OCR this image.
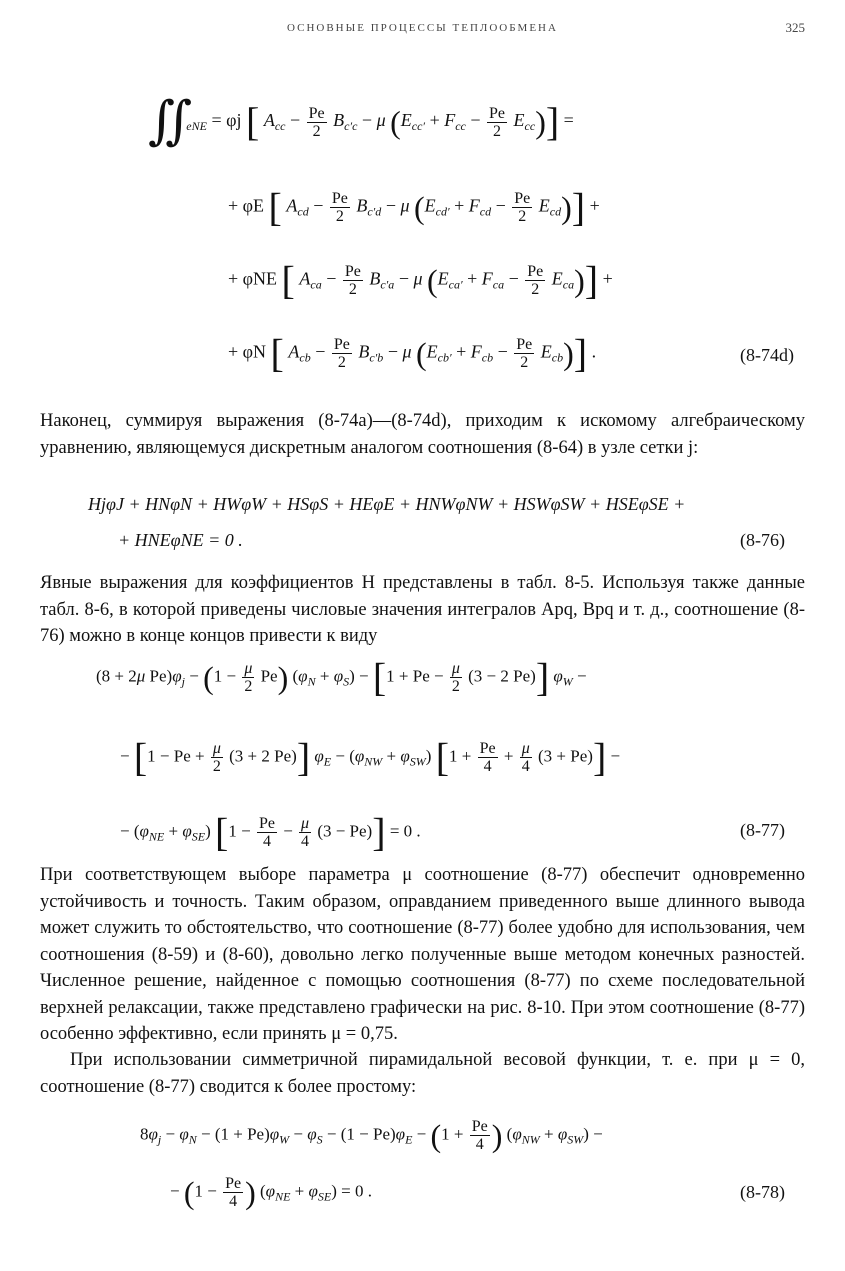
ОСНОВНЫЕ ПРОЦЕССЫ ТЕПЛООБМЕНА	325
$∬_{eNE} = \varphi j$ [ $A_{cc} - \frac{Pe}{2} B_{c'c} - \mu$ $(E_{cc'} + F_{cc} - \frac{Pe}{2} E_{cc})$] =
+ φE [ $A_{cd} - \frac{Pe}{2} B_{c'd} - \mu$ $(E_{cd'} + F_{cd} - \frac{Pe}{2} E_{cd})$] +
+ φNE [ $A_{ca} - \frac{Pe}{2} B_{c'a} - \mu$ $(E_{ca'} + F_{ca} - \frac{Pe}{2} E_{ca})$] +
+ φN [ $A_{cb} - \frac{Pe}{2} B_{c'b} - \mu$ $(E_{cb'} + F_{cb} - \frac{Pe}{2} E_{cb})$] .	(8-74d)
Наконец, суммируя выражения (8-74a)—(8-74d), приходим к искомому алгебраическому уравнению, являющемуся дискретным аналогом соотношения (8-64) в узле сетки j:
HjφJ + HNφN + HWφW + HSφS + HEφE + HNWφNW + HSWφSW + HSEφSE +
+ HNEφNE = 0 .	(8-76)
Явные выражения для коэффициентов H представлены в табл. 8-5. Используя также данные табл. 8-6, в которой приведены числовые значения интегралов Apq, Bpq и т. д., соотношение (8-76) можно в конце концов привести к виду
(8 + 2μ $Pe)\varphi_j - (1 - \frac{\mu}{2} Pe)$ $(\varphi_N + \varphi_S) - [1 + Pe - \frac{\mu}{2} (3 - 2$ Pe)] $\varphi_W$ −
− [$1 - Pe + \frac{\mu}{2} (3 + 2$ Pe)] $\varphi_E - (\varphi_{NW} + \varphi_{SW}) [1 + \frac{Pe}{4} + \frac{\mu}{4} (3 + Pe)]$ −
− $(\varphi_{NE} + \varphi_{SE}) [1 - \frac{Pe}{4} - \frac{\mu}{4} (3 - Pe)] = 0$ .	(8-77)
При соответствующем выборе параметра μ соотношение (8-77) обеспечит одновременно устойчивость и точность. Таким образом, оправданием приведенного выше длинного вывода может служить то обстоятельство, что соотношение (8-77) более удобно для использования, чем соотношения (8-59) и (8-60), довольно легко полученные выше методом конечных разностей. Численное решение, найденное с помощью соотношения (8-77) по схеме последовательной верхней релаксации, также представлено графически на рис. 8-10. При этом соотношение (8-77) особенно эффективно, если принять μ = 0,75.
При использовании симметричной пирамидальной весовой функции, т. е. при μ = 0, соотношение (8-77) сводится к более простому:
$8\varphi_j - \varphi_N - (1 + Pe)\varphi_W - \varphi_S - (1 - Pe)\varphi_E - (1 + \frac{Pe}{4}$ ) $(\varphi_{NW} + \varphi_{SW})$ −
− ($1 - \frac{Pe}{4}$ ) $(\varphi_{NE} + \varphi_{SE}) = 0$ .	(8-78)
